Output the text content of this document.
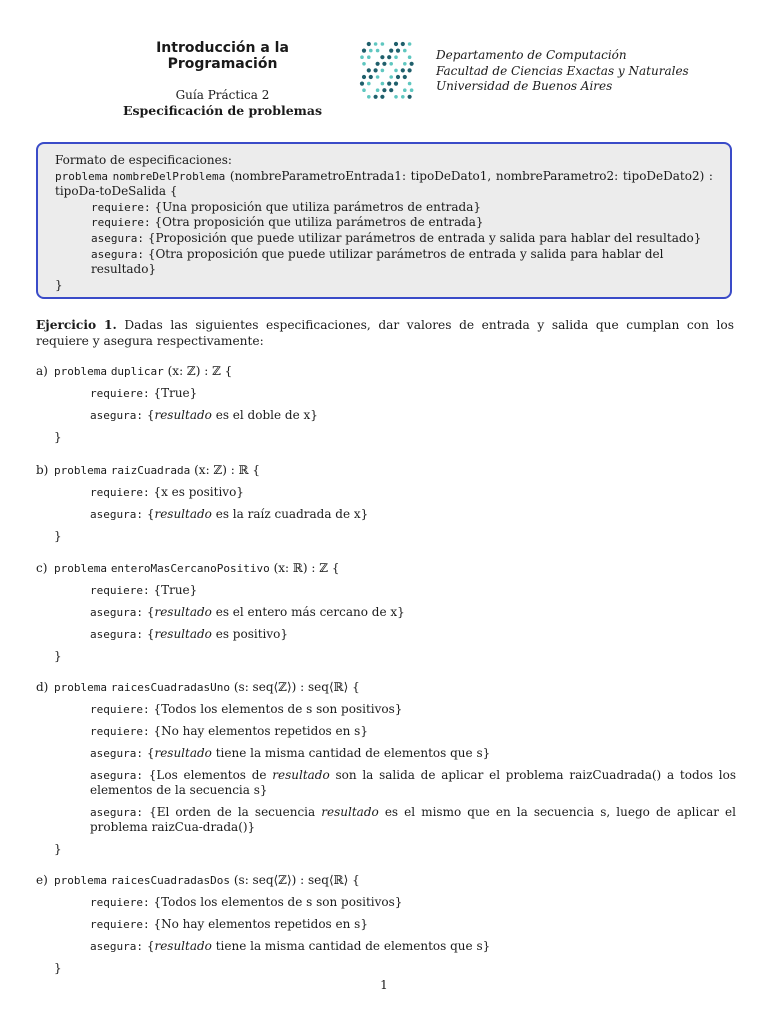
Introducción a la Programación
Guía Práctica 2
Especificación de problemas
Departamento de Computación
Facultad de Ciencias Exactas y Naturales
Universidad de Buenos Aires
Formato de especificaciones:
problema nombreDelProblema (nombreParametroEntrada1: tipoDeDato1, nombreParametro2: tipoDeDato2) : tipoDa-toDeSalida {
requiere: {Una proposición que utiliza parámetros de entrada}
requiere: {Otra proposición que utiliza parámetros de entrada}
asegura: {Proposición que puede utilizar parámetros de entrada y salida para hablar del resultado}
asegura: {Otra proposición que puede utilizar parámetros de entrada y salida para hablar del resultado}
}
Ejercicio 1. Dadas las siguientes especificaciones, dar valores de entrada y salida que cumplan con los requiere y asegura respectivamente:
a) problema duplicar (x: ℤ) : ℤ {
requiere: {True}
asegura: {resultado es el doble de x}
}
b) problema raizCuadrada (x: ℤ) : ℝ {
requiere: {x es positivo}
asegura: {resultado es la raíz cuadrada de x}
}
c) problema enteroMasCercanoPositivo (x: ℝ) : ℤ {
requiere: {True}
asegura: {resultado es el entero más cercano de x}
asegura: {resultado es positivo}
}
d) problema raicesCuadradasUno (s: seq⟨ℤ⟩) : seq⟨ℝ⟩ {
requiere: {Todos los elementos de s son positivos}
requiere: {No hay elementos repetidos en s}
asegura: {resultado tiene la misma cantidad de elementos que s}
asegura: {Los elementos de resultado son la salida de aplicar el problema raizCuadrada() a todos los elementos de la secuencia s}
asegura: {El orden de la secuencia resultado es el mismo que en la secuencia s, luego de aplicar el problema raizCua-drada()}
}
e) problema raicesCuadradasDos (s: seq⟨ℤ⟩) : seq⟨ℝ⟩ {
requiere: {Todos los elementos de s son positivos}
requiere: {No hay elementos repetidos en s}
asegura: {resultado tiene la misma cantidad de elementos que s}
}
1
